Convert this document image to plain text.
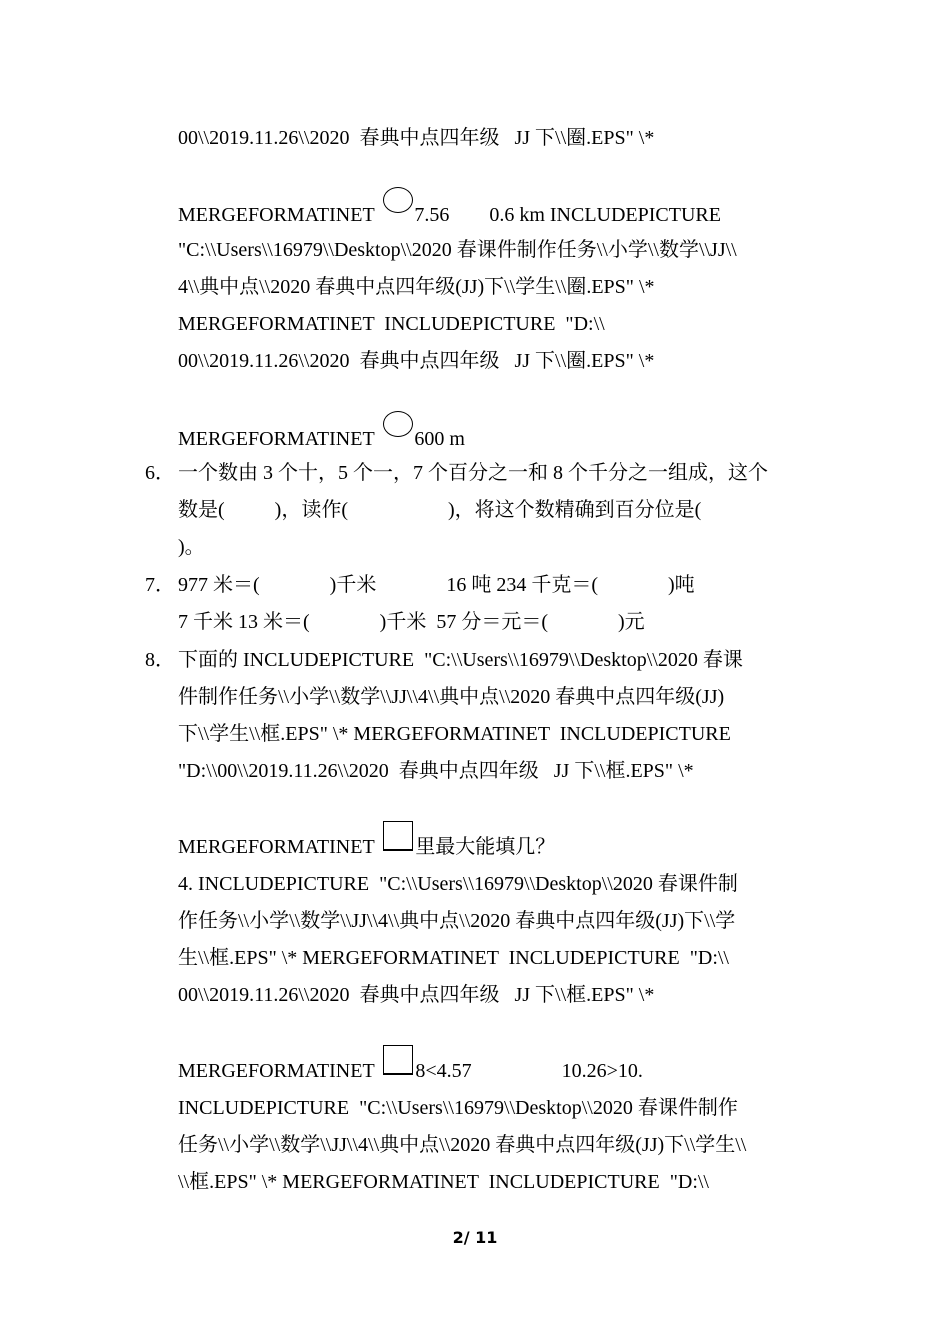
00\\2019.11.26\\2020  春典中点四年级   JJ 下\\圈.EPS" \*
MERGEFORMATINET 7.56        0.6 km INCLUDEPICTURE
"C:\\Users\\16979\\Desktop\\2020 春课件制作任务\\小学\\数学\\JJ\\
4\\典中点\\2020 春典中点四年级(JJ)下\\学生\\圈.EPS" \*
MERGEFORMATINET  INCLUDEPICTURE  "D:\\
00\\2019.11.26\\2020  春典中点四年级   JJ 下\\圈.EPS" \*
MERGEFORMATINET 600 m
6． 一个数由 3 个十，5 个一，7 个百分之一和 8 个千分之一组成，这个
数是(          )，读作(                    )，将这个数精确到百分位是(
)。
7． 977 米＝(              )千米              16 吨 234 千克＝(              )吨
7 千米 13 米＝(              )千米  57 分＝元＝(              )元
8． 下面的 INCLUDEPICTURE  "C:\\Users\\16979\\Desktop\\2020 春课
件制作任务\\小学\\数学\\JJ\\4\\典中点\\2020 春典中点四年级(JJ)
下\\学生\\框.EPS" \* MERGEFORMATINET  INCLUDEPICTURE
"D:\\00\\2019.11.26\\2020  春典中点四年级   JJ 下\\框.EPS" \*
MERGEFORMATINET 里最大能填几？
4. INCLUDEPICTURE  "C:\\Users\\16979\\Desktop\\2020 春课件制
作任务\\小学\\数学\\JJ\\4\\典中点\\2020 春典中点四年级(JJ)下\\学
生\\框.EPS" \* MERGEFORMATINET  INCLUDEPICTURE  "D:\\
00\\2019.11.26\\2020  春典中点四年级   JJ 下\\框.EPS" \*
MERGEFORMATINET 8<4.57                  10.26>10.
INCLUDEPICTURE  "C:\\Users\\16979\\Desktop\\2020 春课件制作
任务\\小学\\数学\\JJ\\4\\典中点\\2020 春典中点四年级(JJ)下\\学生\\
\\框.EPS" \* MERGEFORMATINET  INCLUDEPICTURE  "D:\\
2/ 11
